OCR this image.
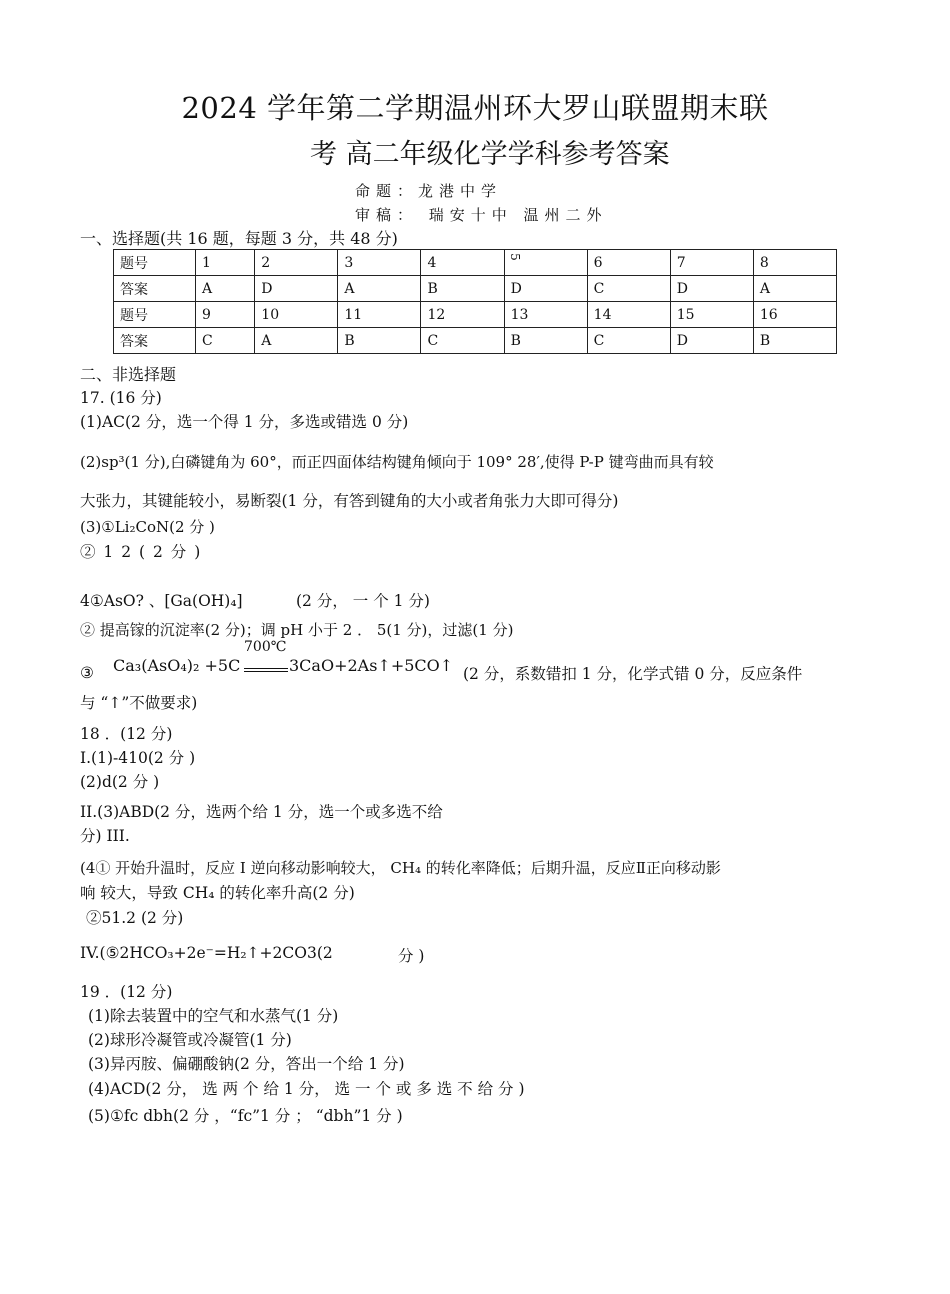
2024 学年第二学期温州环大罗山联盟期末联
考 高二年级化学学科参考答案
命题：龙港中学
审稿： 瑞安十中 温州二外
一、选择题(共 16 题，每题 3 分，共 48 分)
题号	1	2	3	4	5	6	7	8
答案	A	D	A	B	D	C	D	A
题号	9	10	11	12	13	14	15	16
答案	C	A	B	C	B	C	D	B
二、非选择题
17. (16 分)
(1)AC(2 分，选一个得 1 分，多选或错选 0 分)
(2)sp³(1 分),白磷键角为 60°，而正四面体结构键角倾向于 109° 28′,使得 P-P 键弯曲而具有较
大张力，其键能较小，易断裂(1 分，有答到键角的大小或者角张力大即可得分)
(3)①Li₂CoN(2 分 )
② 1 2 ( 2 分 )
4①AsO? 、[Ga(OH)₄]	(2 分， 一 个 1 分)
② 提高镓的沉淀率(2 分)；调 pH 小于 2 ． 5(1 分)，过滤(1 分)
③ Ca₃(AsO₄)₂ +5C
700℃
3CaO+2As↑+5CO↑ (2 分，系数错扣 1 分，化学式错 0 分，反应条件
与 “↑”不做要求)
18 ．(12 分)
I.(1)-410(2 分 )
(2)d(2 分 )
II.(3)ABD(2 分，选两个给 1 分，选一个或多选不给
分) III.
(4① 开始升温时，反应 I 逆向移动影响较大， CH₄ 的转化率降低；后期升温，反应Ⅱ正向移动影
响 较大，导致 CH₄ 的转化率升高(2 分)
②51.2 (2 分)
IV.(⑤2HCO₃+2e⁻=H₂↑+2CO3(2	分 )
19 ．(12 分)
(1)除去装置中的空气和水蒸气(1 分)
(2)球形冷凝管或冷凝管(1 分)
(3)异丙胺、偏硼酸钠(2 分，答出一个给 1 分)
(4)ACD(2 分， 选 两 个 给 1 分， 选 一 个 或 多 选 不 给 分 )
(5)①fc dbh(2 分 ，“fc”1 分 ； “dbh”1 分 )
